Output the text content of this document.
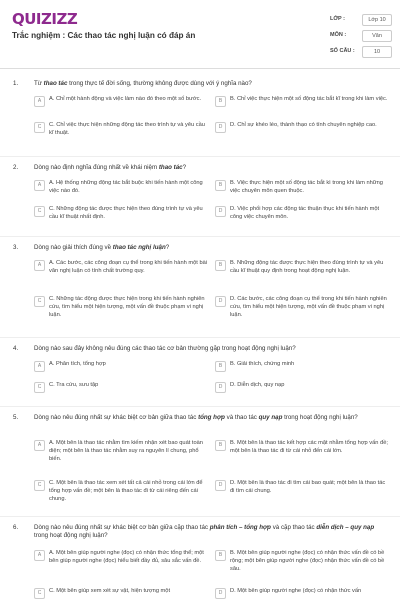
QUIZIZZ
Trắc nghiệm : Các thao tác nghị luận có đáp án
LỚP :	Lớp 10
MÔN :	Văn
SỐ CÂU :	10
1.	Từ thao tác trong thực tế đời sống, thường không được dùng với ý nghĩa nào?
A	A. Chỉ một hành động và việc làm nào đó theo một số bước.	B	B. Chỉ việc thực hiện một số động tác bắt kĩ trong khi làm việc.
C	C. Chỉ việc thực hiện những động tác theo trình tự và yêu cầu kĩ thuật.
D	D. Chỉ sự khéo léo, thành thạo có tính chuyên nghiệp cao.
2.	Dòng nào định nghĩa đúng nhất về khái niệm thao tác?
A	A. Hệ thống những động tác bắt buộc khi tiến hành một công việc nào đó.
B	B. Việc thực hiện một số động tác bắt kì trong khi làm những việc chuyên môn quen thuộc.
C	C. Những động tác được thực hiện theo đúng trình tự và yêu cầu kĩ thuật nhất định.
D	D. Việc phối hợp các động tác thuận thục khi tiến hành một công việc chuyên môn.
3.	Dòng nào giải thích đúng về thao tác nghị luận?
A	A. Các bước, các công đoạn cụ thể trong khi tiến hành một bài văn nghị luận có tính chất trường quy.
B	B. Những động tác được thực hiện theo đúng trình tự và yêu cầu kĩ thuật quy định trong hoạt động nghị luận.
C	C. Những tác động được thực hiện trong khi tiến hành nghiên cứu, tìm hiểu một hiện tượng, một vấn đề thuộc phạm vi nghị luận.
D	D. Các bước, các công đoạn cụ thể trong khi tiến hành nghiên cứu, tìm hiểu một hiện tượng, một vấn đề thuộc phạm vi nghị luận.
4.	Dòng nào sau đây không nêu đúng các thao tác cơ bản thường gặp trong hoạt động nghị luận?
A	A. Phân tích, tổng hợp	B	B. Giải thích, chứng minh
C	C. Tra cứu, sưu tập	D	D. Diễn dịch, quy nạp
5.	Dòng nào nêu đúng nhất sự khác biệt cơ bản giữa thao tác tổng hợp và thao tác quy nạp trong hoạt động nghị luận?
A	A. Một bên là thao tác nhằm tìm kiếm nhận xét bao quát toàn diện; một bên là thao tác nhằm suy ra nguyên lí chung, phổ biến.
B	B. Một bên là thao tác kết hợp các mặt nhằm tổng hợp vấn đề; một bên là thao tác đi từ cái nhỏ đến cái lớn.
C	C. Một bên là thao tác xem xét tất cả cái nhỏ trong cái lớn để tổng hợp vấn đề; một bên là thao tác đi từ cái riêng đến cái chung.
D	D. Một bên là thao tác đi tìm cái bao quát; một bên là thao tác đi tìm cái chung.
6.	Dòng nào nêu đúng nhất sự khác biệt cơ bản giữa cặp thao tác phân tích – tổng hợp và cặp thao tác diễn dịch – quy nạp trong hoạt động nghị luận?
A	A. Một bên giúp người nghe (đọc) có nhận thức tổng thể; một bên giúp người nghe (đọc) hiểu biết đầy đủ, sâu sắc vấn đề.
B	B. Một bên giúp người nghe (đọc) có nhận thức vấn đề có bề rộng; một bên giúp người nghe (đọc) nhận thức vấn đề có bề sâu.
C	C. Một bên giúp xem xét sự vật, hiện tượng một	D	D. Một bên giúp người nghe (đọc) có nhận thức vấn
